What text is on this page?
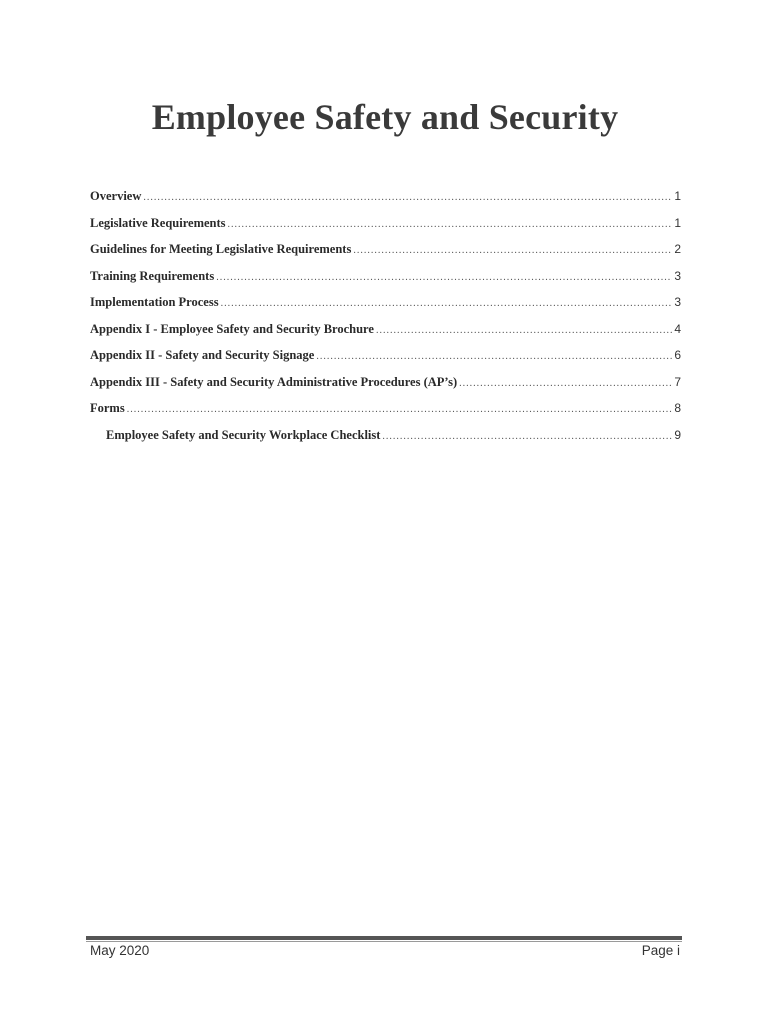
Employee Safety and Security
Overview .....	1
Legislative Requirements .....	1
Guidelines for Meeting Legislative Requirements .....	2
Training Requirements .....	3
Implementation Process .....	3
Appendix I - Employee Safety and Security Brochure .....	4
Appendix II - Safety and Security Signage .....	6
Appendix III - Safety and Security Administrative Procedures (AP’s) .....	7
Forms .....	8
Employee Safety and Security Workplace Checklist .....	9
May 2020	Page i
